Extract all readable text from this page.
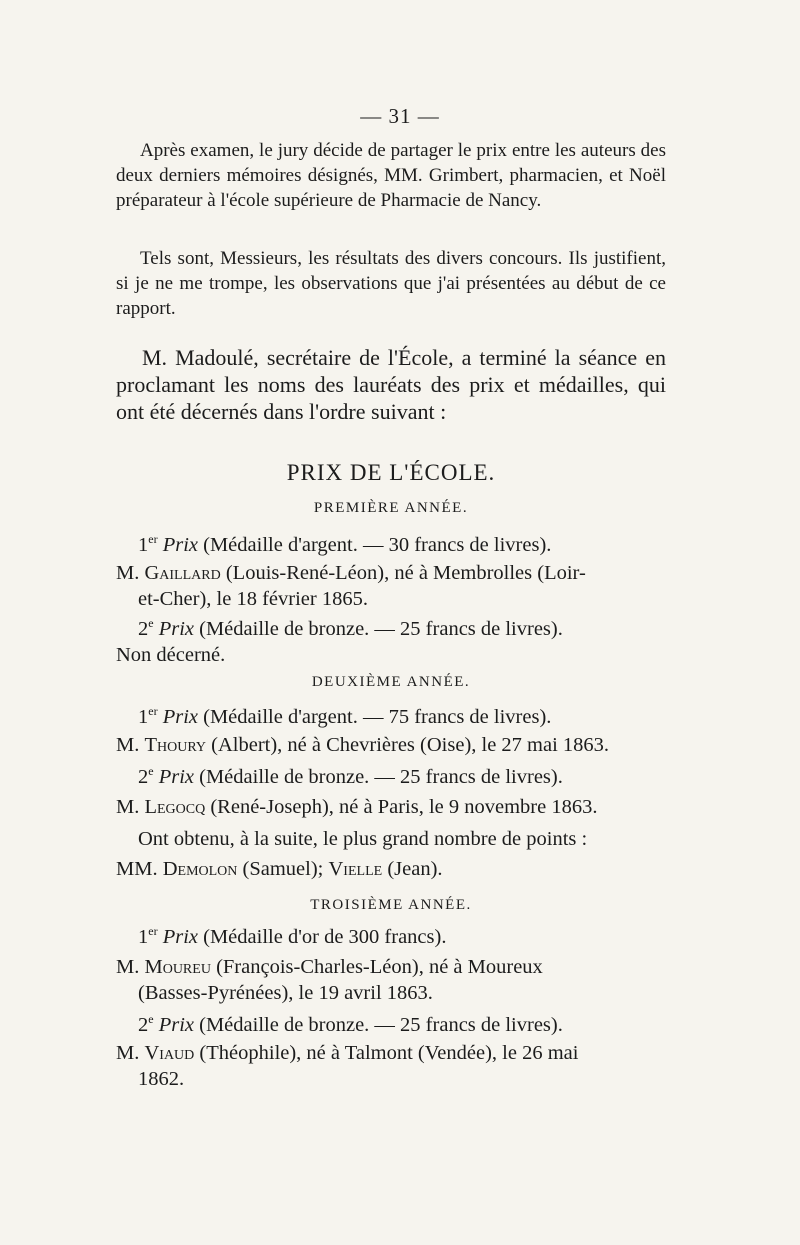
— 31 —

Après examen, le jury décide de partager le prix entre les auteurs des deux derniers mémoires désignés, MM. Grimbert, pharmacien, et Noël préparateur à l'école supérieure de Pharmacie de Nancy.

Tels sont, Messieurs, les résultats des divers concours. Ils justifient, si je ne me trompe, les observations que j'ai présentées au début de ce rapport.

M. Madoulé, secrétaire de l'École, a terminé la séance en proclamant les noms des lauréats des prix et médailles, qui ont été décernés dans l'ordre suivant :

PRIX DE L'ÉCOLE.
PREMIÈRE ANNÉE.
1er Prix (Médaille d'argent. — 30 francs de livres).
M. Gaillard (Louis-René-Léon), né à Membrolles (Loir-
et-Cher), le 18 février 1865.
2e Prix (Médaille de bronze. — 25 francs de livres).
Non décerné.
DEUXIÈME ANNÉE.
1er Prix (Médaille d'argent. — 75 francs de livres).
M. Thoury (Albert), né à Chevrières (Oise), le 27 mai 1863.
2e Prix (Médaille de bronze. — 25 francs de livres).
M. Legocq (René-Joseph), né à Paris, le 9 novembre 1863.
Ont obtenu, à la suite, le plus grand nombre de points :
MM. Demolon (Samuel); Vielle (Jean).
TROISIÈME ANNÉE.
1er Prix (Médaille d'or de 300 francs).
M. Moureu (François-Charles-Léon), né à Moureux
(Basses-Pyrénées), le 19 avril 1863.
2e Prix (Médaille de bronze. — 25 francs de livres).
M. Viaud (Théophile), né à Talmont (Vendée), le 26 mai
1862.
